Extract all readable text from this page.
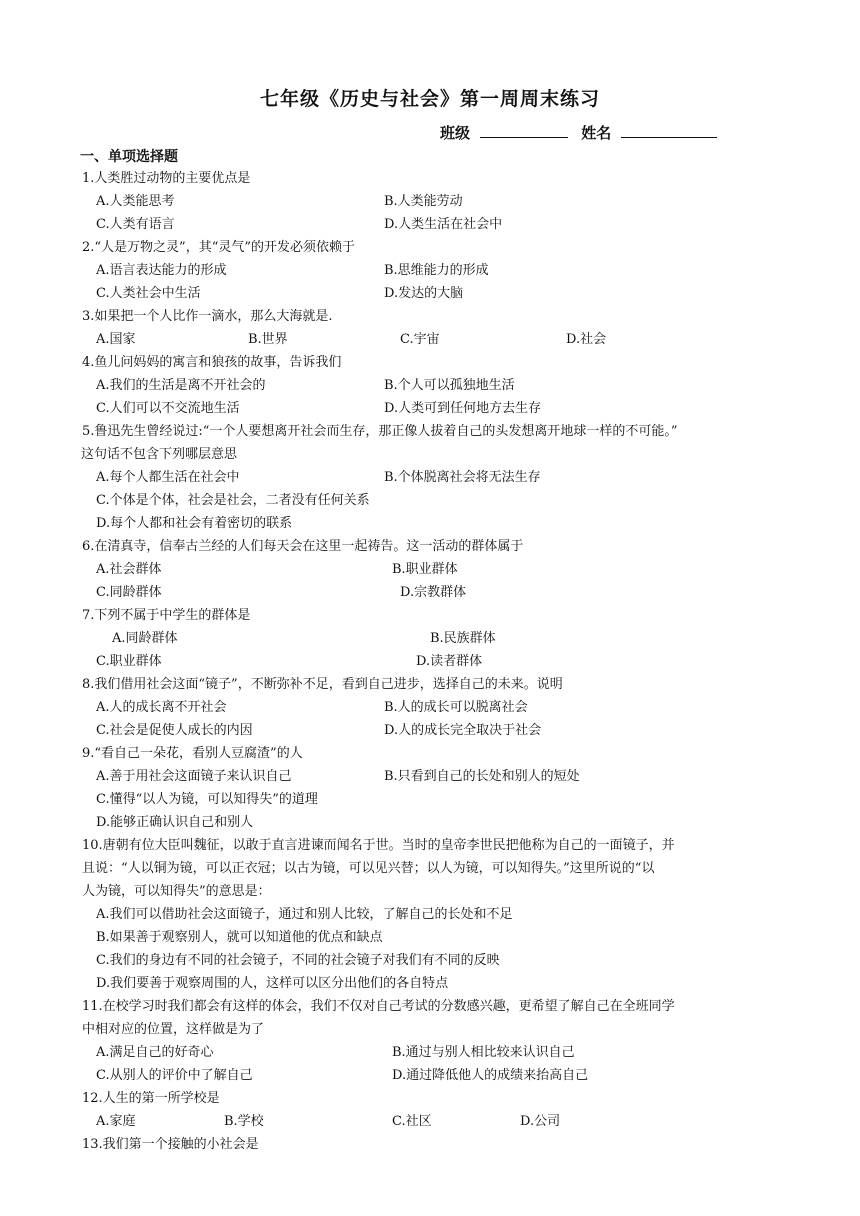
七年级《历史与社会》第一周周末练习
班级	姓名
一、单项选择题
1.人类胜过动物的主要优点是
A.人类能思考	B.人类能劳动
C.人类有语言	D.人类生活在社会中
2.“人是万物之灵”，其“灵气”的开发必须依赖于
A.语言表达能力的形成	B.思维能力的形成
C.人类社会中生活	D.发达的大脑
3.如果把一个人比作一滴水，那么大海就是.
A.国家	B.世界	C.宇宙	D.社会
4.鱼儿问妈妈的寓言和狼孩的故事，告诉我们
A.我们的生活是离不开社会的	B.个人可以孤独地生活
C.人们可以不交流地生活	D.人类可到任何地方去生存
5.鲁迅先生曾经说过:“一个人要想离开社会而生存，那正像人拔着自己的头发想离开地球一样的不可能。”
这句话不包含下列哪层意思
A.每个人都生活在社会中	B.个体脱离社会将无法生存
C.个体是个体，社会是社会，二者没有任何关系
D.每个人都和社会有着密切的联系
6.在清真寺，信奉古兰经的人们每天会在这里一起祷告。这一活动的群体属于
A.社会群体	B.职业群体
C.同龄群体	D.宗教群体
7.下列不属于中学生的群体是
A.同龄群体	B.民族群体
C.职业群体	D.读者群体
8.我们借用社会这面“镜子”，不断弥补不足，看到自己进步，选择自己的未来。说明
A.人的成长离不开社会	B.人的成长可以脱离社会
C.社会是促使人成长的内因	D.人的成长完全取决于社会
9.“看自己一朵花，看别人豆腐渣”的人
A.善于用社会这面镜子来认识自己	B.只看到自己的长处和别人的短处
C.懂得“以人为镜，可以知得失”的道理
D.能够正确认识自己和别人
10.唐朝有位大臣叫魏征，以敢于直言进谏而闻名于世。当时的皇帝李世民把他称为自己的一面镜子，并
且说：“人以铜为镜，可以正衣冠；以古为镜，可以见兴替；以人为镜，可以知得失。”这里所说的“以
人为镜，可以知得失”的意思是：
A.我们可以借助社会这面镜子，通过和别人比较，了解自己的长处和不足
B.如果善于观察别人，就可以知道他的优点和缺点
C.我们的身边有不同的社会镜子，不同的社会镜子对我们有不同的反映
D.我们要善于观察周围的人，这样可以区分出他们的各自特点
11.在校学习时我们都会有这样的体会，我们不仅对自己考试的分数感兴趣，更希望了解自己在全班同学
中相对应的位置，这样做是为了
A.满足自己的好奇心	B.通过与别人相比较来认识自己
C.从别人的评价中了解自己	D.通过降低他人的成绩来抬高自己
12.人生的第一所学校是
A.家庭	B.学校	C.社区	D.公司
13.我们第一个接触的小社会是
